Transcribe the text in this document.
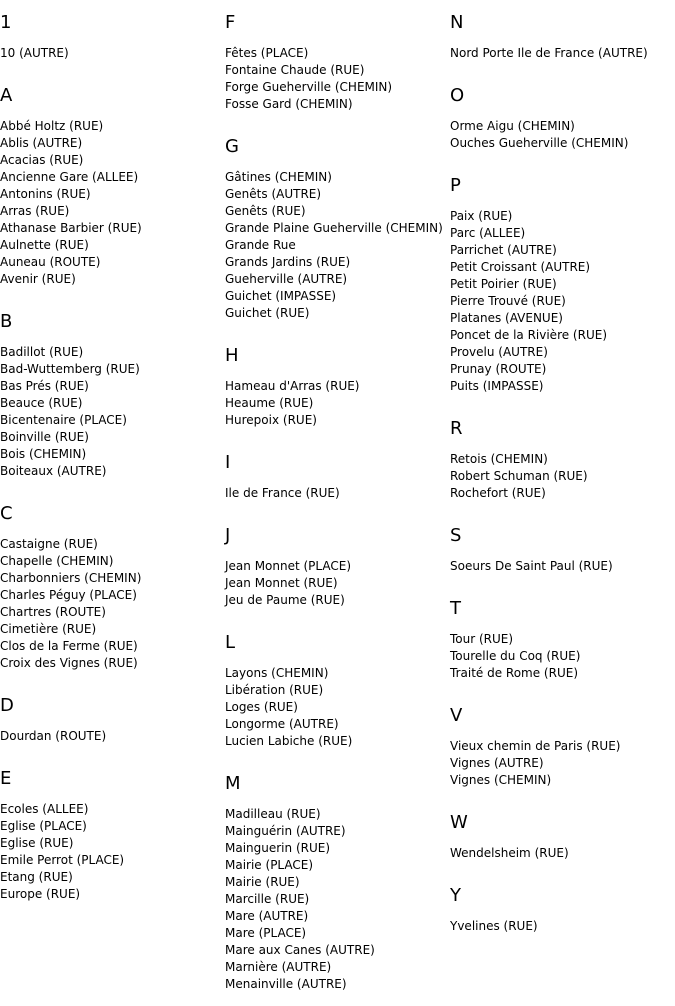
1
10 (AUTRE)
A
Abbé Holtz (RUE)
Ablis (AUTRE)
Acacias (RUE)
Ancienne Gare (ALLEE)
Antonins (RUE)
Arras (RUE)
Athanase Barbier (RUE)
Aulnette (RUE)
Auneau (ROUTE)
Avenir (RUE)
B
Badillot (RUE)
Bad-Wuttemberg (RUE)
Bas Prés (RUE)
Beauce (RUE)
Bicentenaire (PLACE)
Boinville (RUE)
Bois (CHEMIN)
Boiteaux (AUTRE)
C
Castaigne (RUE)
Chapelle (CHEMIN)
Charbonniers (CHEMIN)
Charles Péguy (PLACE)
Chartres (ROUTE)
Cimetière (RUE)
Clos de la Ferme (RUE)
Croix des Vignes (RUE)
D
Dourdan (ROUTE)
E
Ecoles (ALLEE)
Eglise (PLACE)
Eglise (RUE)
Emile Perrot (PLACE)
Etang (RUE)
Europe (RUE)
F
Fêtes (PLACE)
Fontaine Chaude (RUE)
Forge Gueherville (CHEMIN)
Fosse Gard (CHEMIN)
G
Gâtines (CHEMIN)
Genêts (AUTRE)
Genêts (RUE)
Grande Plaine Gueherville (CHEMIN)
Grande Rue
Grands Jardins (RUE)
Gueherville (AUTRE)
Guichet (IMPASSE)
Guichet (RUE)
H
Hameau d'Arras (RUE)
Heaume (RUE)
Hurepoix (RUE)
I
Ile de France (RUE)
J
Jean Monnet (PLACE)
Jean Monnet (RUE)
Jeu de Paume (RUE)
L
Layons (CHEMIN)
Libération (RUE)
Loges (RUE)
Longorme (AUTRE)
Lucien Labiche (RUE)
M
Madilleau (RUE)
Mainguérin (AUTRE)
Mainguerin (RUE)
Mairie (PLACE)
Mairie (RUE)
Marcille (RUE)
Mare (AUTRE)
Mare (PLACE)
Mare aux Canes (AUTRE)
Marnière (AUTRE)
Menainville (AUTRE)
N
Nord Porte Ile de France (AUTRE)
O
Orme Aigu (CHEMIN)
Ouches Gueherville (CHEMIN)
P
Paix (RUE)
Parc (ALLEE)
Parrichet (AUTRE)
Petit Croissant (AUTRE)
Petit Poirier (RUE)
Pierre Trouvé (RUE)
Platanes (AVENUE)
Poncet de la Rivière (RUE)
Provelu (AUTRE)
Prunay (ROUTE)
Puits (IMPASSE)
R
Retois (CHEMIN)
Robert Schuman (RUE)
Rochefort (RUE)
S
Soeurs De Saint Paul (RUE)
T
Tour (RUE)
Tourelle du Coq (RUE)
Traité de Rome (RUE)
V
Vieux chemin de Paris (RUE)
Vignes (AUTRE)
Vignes (CHEMIN)
W
Wendelsheim (RUE)
Y
Yvelines (RUE)
